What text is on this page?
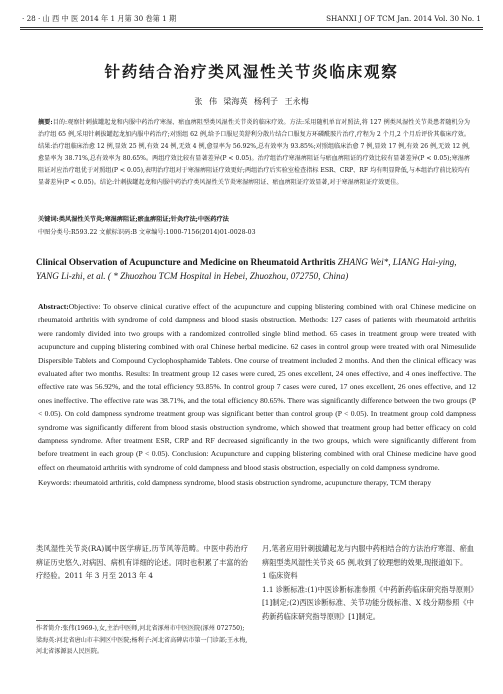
· 28 · 山 西 中 医 2014 年 1 月第 30 卷第 1 期	SHANXI J OF TCM Jan. 2014 Vol. 30 No. 1
针药结合治疗类风湿性关节炎临床观察
张 伟 梁海英 杨利子 王永梅
摘要:目的:观察针刺拔罐起龙和内服中药治疗寒湿、瘀血痹阻型类风湿性关节炎的临床疗效。方法:采用随机单盲对照法,将 127 例类风湿性关节炎患者随机分为治疗组 65 例,采用针刺拔罐起龙加内服中药治疗;对照组 62 例,给予口服尼美舒利分散片结合口服复方环磷酰胺片治疗,疗程为 2 个月,2 个月后评价其临床疗效。结果:治疗组临床治愈 12 例,显效 25 例,有效 24 例,无效 4 例,愈显率为 56.92%,总有效率为 93.85%;对照组临床治愈 7 例,显效 17 例,有效 26 例,无效 12 例,愈显率为 38.71%,总有效率为 80.65%。两组疗效比较有显著差异(P < 0.05)。治疗组治疗寒湿痹阻证与瘀血痹阻证的疗效比较有显著差异(P < 0.05);寒湿痹阻证对应治疗组优于对照组(P < 0.05),表明治疗组对于寒湿痹阻证疗效更好;两组治疗后实验室检查指标 ESR、CRP、RF 均有明显降低,与本组治疗前比较均有显著差异(P < 0.05)。结论:针刺拔罐起龙和内服中药治疗类风湿性关节炎寒湿痹阻证、瘀血痹阻证疗效显著,对于寒湿痹阻证疗效更佳。
关键词:类风湿性关节炎;寒湿痹阻证;瘀血痹阻证;针灸疗法;中医药疗法
中图分类号:R593.22 文献标识码:B 文章编号:1000-7156(2014)01-0028-03
Clinical Observation of Acupuncture and Medicine on Rheumatoid Arthritis ZHANG Wei*, LIANG Hai-ying, YANG Li-zhi, et al. ( * Zhuozhou TCM Hospital in Hebei, Zhuozhou, 072750, China)
Abstract:Objective: To observe clinical curative effect of the acupuncture and cupping blistering combined with oral Chinese medicine on rheumatoid arthritis with syndrome of cold dampness and blood stasis obstruction. Methods: 127 cases of patients with rheumatoid arthritis were randomly divided into two groups with a randomized controlled single blind method. 65 cases in treatment group were treated with acupuncture and cupping blistering combined with oral Chinese herbal medicine. 62 cases in control group were treated with oral Nimesulide Dispersible Tablets and Compound Cyclophosphamide Tablets. One course of treatment included 2 months. And then the clinical efficacy was evaluated after two months. Results: In treatment group 12 cases were cured, 25 ones excellent, 24 ones effective, and 4 ones ineffective. The effective rate was 56.92%, and the total efficiency 93.85%. In control group 7 cases were cured, 17 ones excellent, 26 ones effective, and 12 ones ineffective. The effective rate was 38.71%, and the total efficiency 80.65%. There was significantly difference between the two groups (P < 0.05). On cold dampness syndrome treatment group was significant better than control group (P < 0.05). In treatment group cold dampness syndrome was significantly different from blood stasis obstruction syndrome, which showed that treatment group had better efficacy on cold dampness syndrome. After treatment ESR, CRP and RF decreased significantly in the two groups, which were significantly different from before treatment in each group (P < 0.05). Conclusion: Acupuncture and cupping blistering combined with oral Chinese medicine have good effect on rheumatoid arthritis with syndrome of cold dampness and blood stasis obstruction, especially on cold dampness syndrome.
Keywords: rheumatoid arthritis, cold dampness syndrome, blood stasis obstruction syndrome, acupuncture therapy, TCM therapy
类风湿性关节炎(RA)属中医学痹证,历节风等范畴。中医中药治疗痹证历史悠久,对病因、病机有详细的论述。同时也积累了丰富的治疗经验。2011 年 3 月至 2013 年 4
月,笔者应用针刺拔罐起龙与内服中药相结合的方法治疗寒湿、瘀血痹阻型类风湿性关节炎 65 例,收到了较理想的效果,现报道如下。
1 临床资料
1.1 诊断标准:(1)中医诊断标准参照《中药新药临床研究指导原则》[1]制定;(2)西医诊断标准、关节功能分级标准、X 线分期参照《中药新药临床研究指导原则》[1]制定。
作者简介:张伟(1969-),女,主治中医师,河北省涿州市中医医院(涿州 072750);梁海英:河北省唐山市丰润区中医院;杨利子:河北省高碑店市第一门诊部;王永梅,河北省涿源县人民医院。
